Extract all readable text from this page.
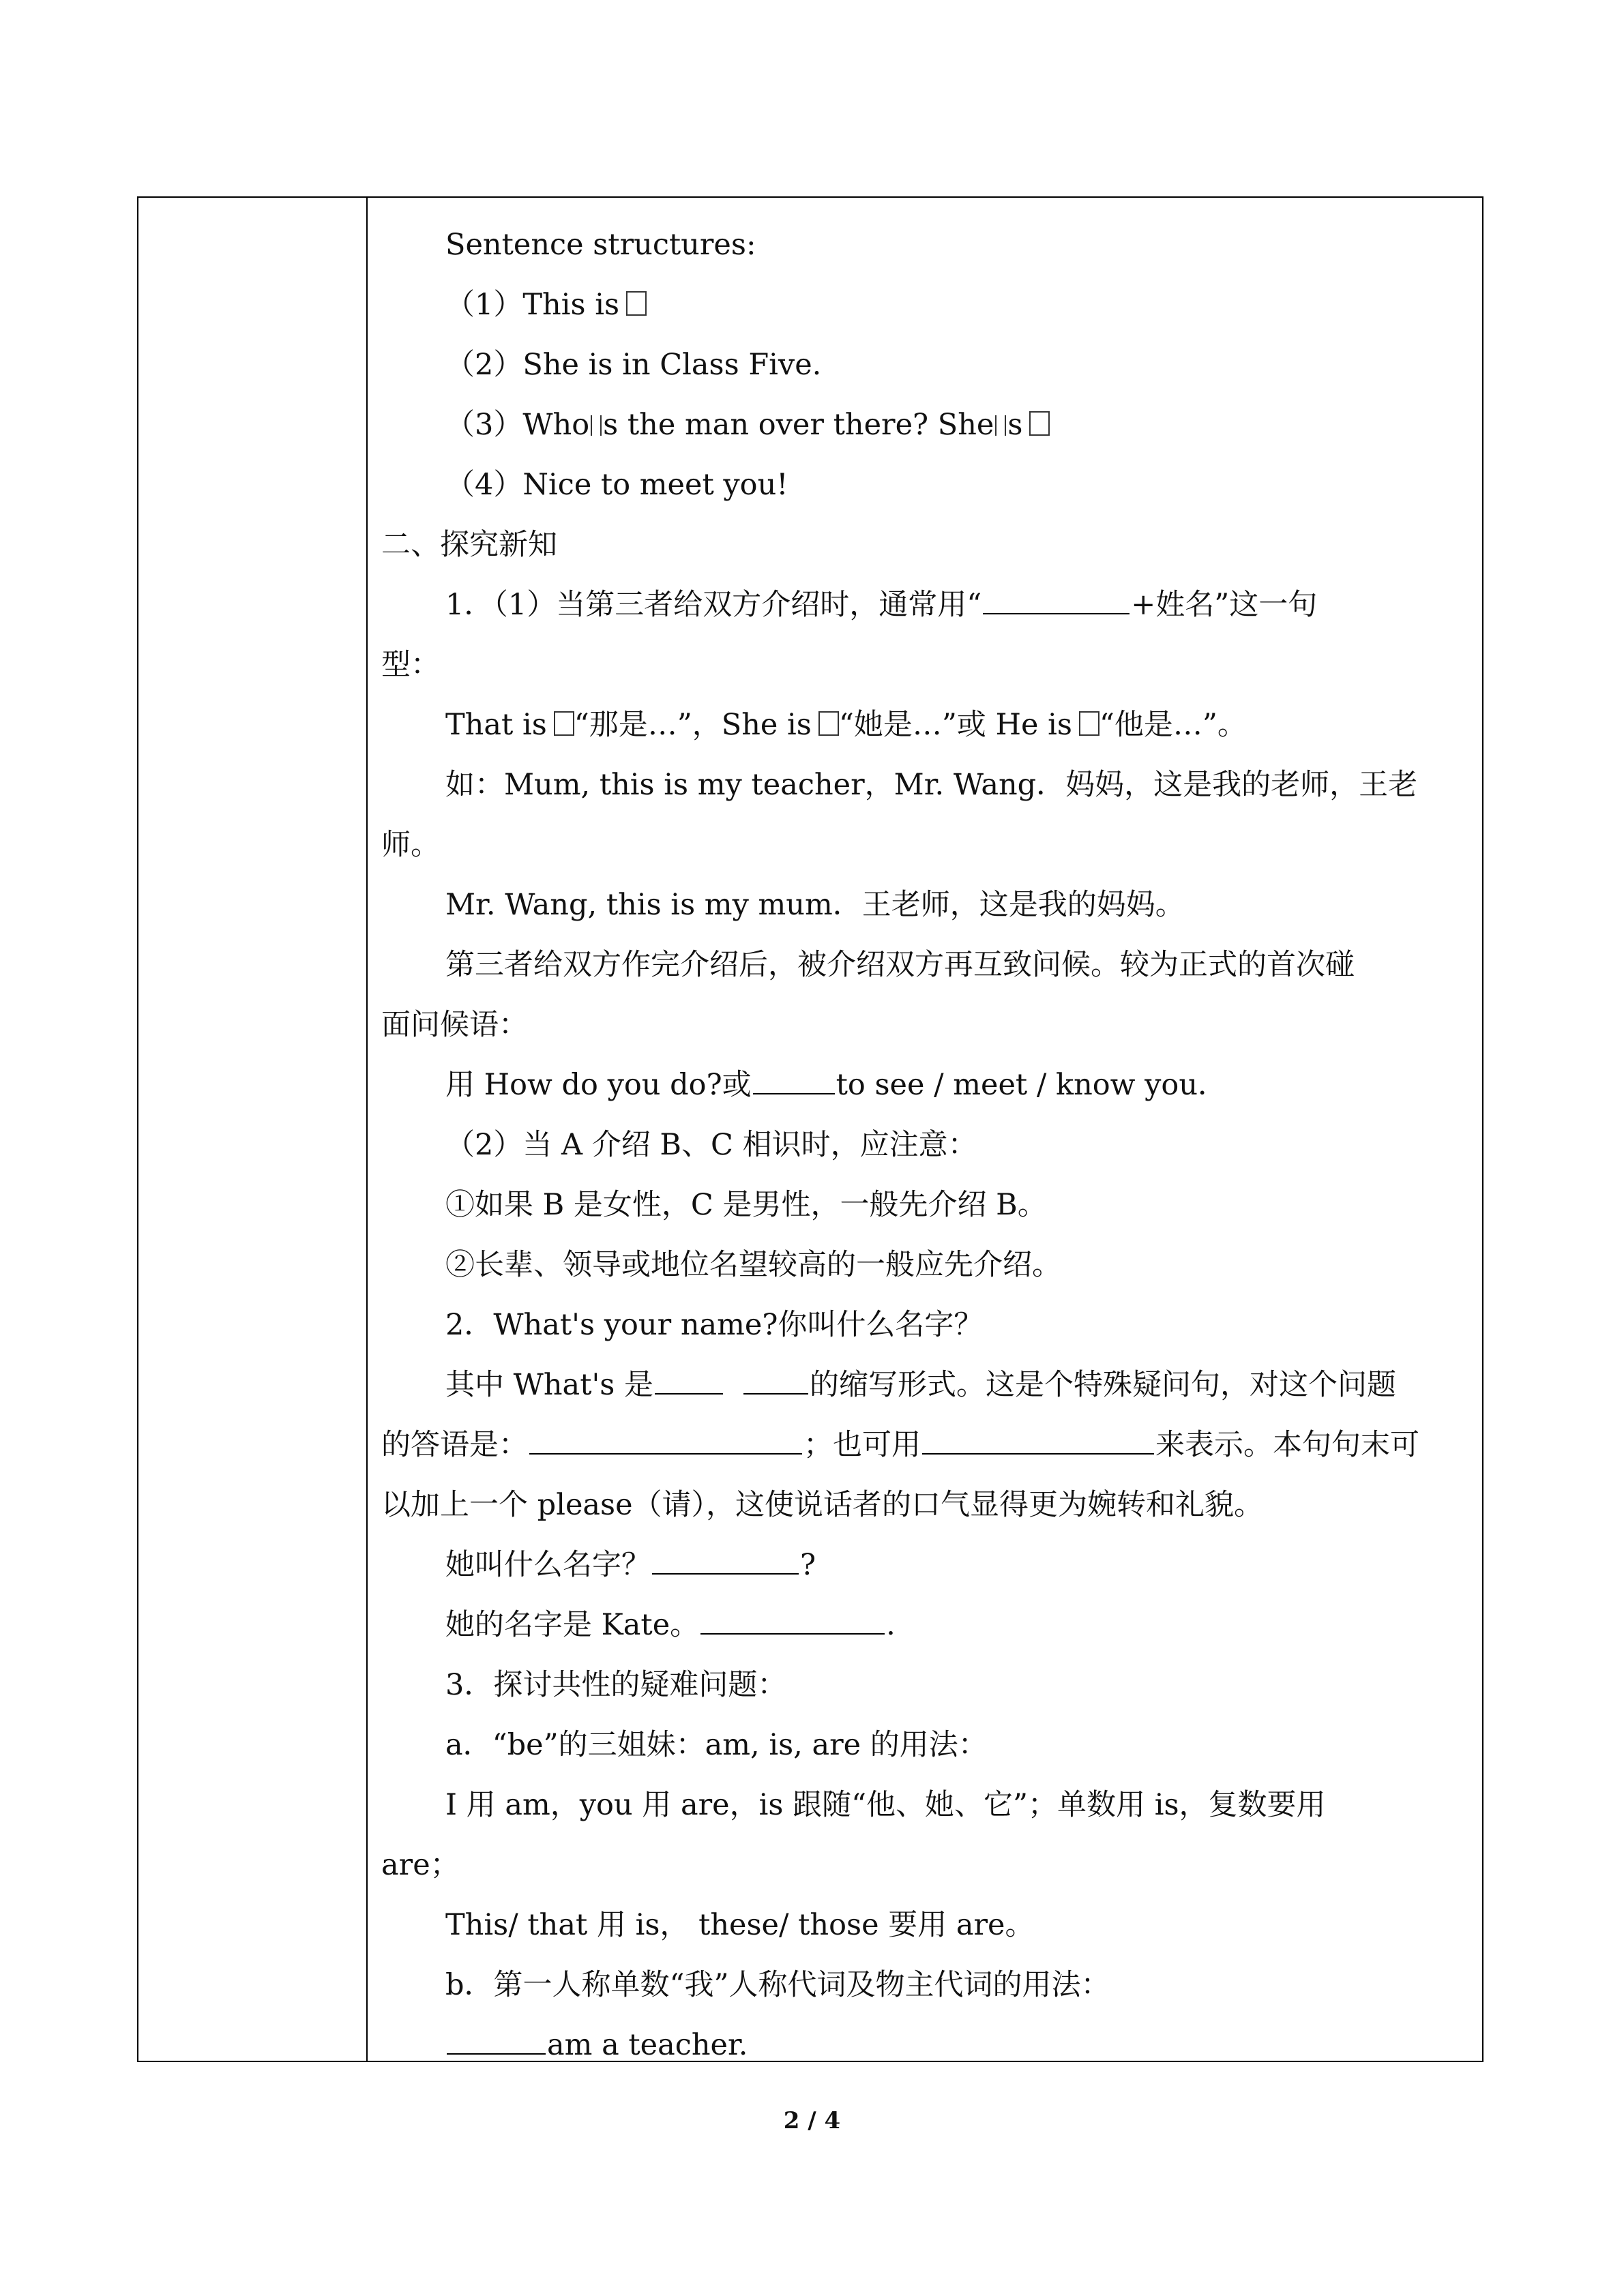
Sentence structures:
（1）This is
（2）She is in Class Five.
（3）Who s the man over there? She s
（4）Nice to meet you!
二、探究新知
1．（1）当第三者给双方介绍时，通常用“	+姓名”这一句
型：
That is “那是…”，She is “她是…”或 He is “他是…”。
如：Mum, this is my teacher，Mr. Wang．妈妈，这是我的老师，王老
师。
Mr. Wang, this is my mum．王老师，这是我的妈妈。
第三者给双方作完介绍后，被介绍双方再互致问候。较为正式的首次碰
面问候语：
用 How do you do?或	to see / meet / know you．
（2）当 A 介绍 B、C 相识时，应注意：
①如果 B 是女性，C 是男性，一般先介绍 B。
②长辈、领导或地位名望较高的一般应先介绍。
2．What's your name?你叫什么名字？
其中 What's 是	的缩写形式。这是个特殊疑问句，对这个问题
的答语是：	；也可用	来表示。本句句末可
以加上一个 please（请），这使说话者的口气显得更为婉转和礼貌。
她叫什么名字？	?
她的名字是 Kate。	.
3．探讨共性的疑难问题：
a．“be”的三姐妹：am, is, are 的用法：
I 用 am，you 用 are，is 跟随“他、她、它”；单数用 is，复数要用
are；
This/ that 用 is， these/ those 要用 are。
b．第一人称单数“我”人称代词及物主代词的用法：
am a teacher.
2 / 4
